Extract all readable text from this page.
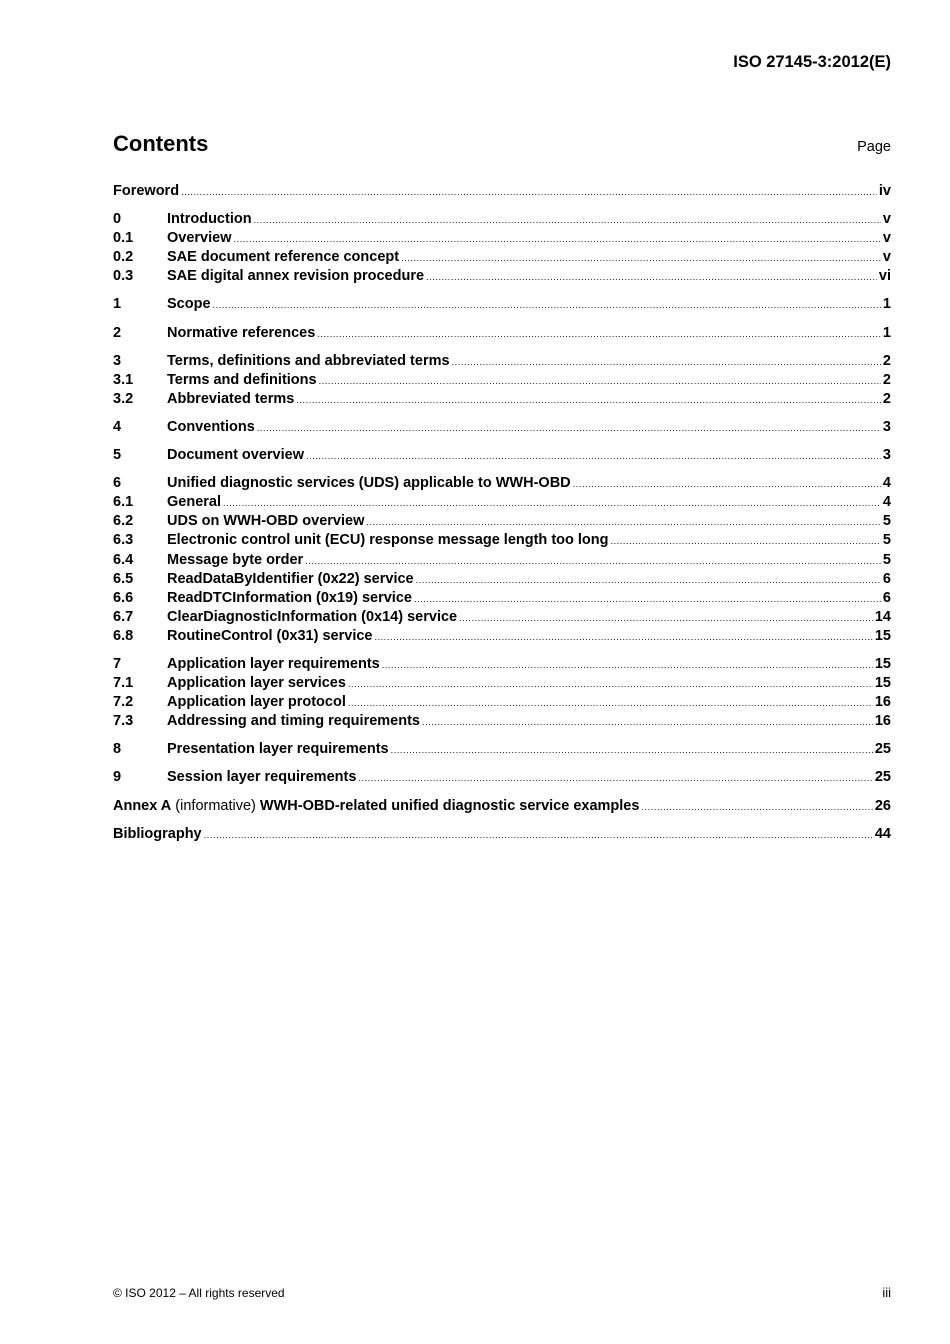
ISO 27145-3:2012(E)
Contents	Page
Foreword .....	iv
0	Introduction .....	v
0.1	Overview .....	v
0.2	SAE document reference concept .....	v
0.3	SAE digital annex revision procedure .....	vi
1	Scope .....	1
2	Normative references .....	1
3	Terms, definitions and abbreviated terms .....	2
3.1	Terms and definitions .....	2
3.2	Abbreviated terms .....	2
4	Conventions .....	3
5	Document overview .....	3
6	Unified diagnostic services (UDS) applicable to WWH-OBD .....	4
6.1	General .....	4
6.2	UDS on WWH-OBD overview .....	5
6.3	Electronic control unit (ECU) response message length too long .....	5
6.4	Message byte order .....	5
6.5	ReadDataByIdentifier (0x22) service .....	6
6.6	ReadDTCInformation (0x19) service .....	6
6.7	ClearDiagnosticInformation (0x14) service .....	14
6.8	RoutineControl (0x31) service .....	15
7	Application layer requirements .....	15
7.1	Application layer services .....	15
7.2	Application layer protocol .....	16
7.3	Addressing and timing requirements .....	16
8	Presentation layer requirements .....	25
9	Session layer requirements .....	25
Annex A (informative) WWH-OBD-related unified diagnostic service examples .....	26
Bibliography .....	44
© ISO 2012 – All rights reserved	iii
